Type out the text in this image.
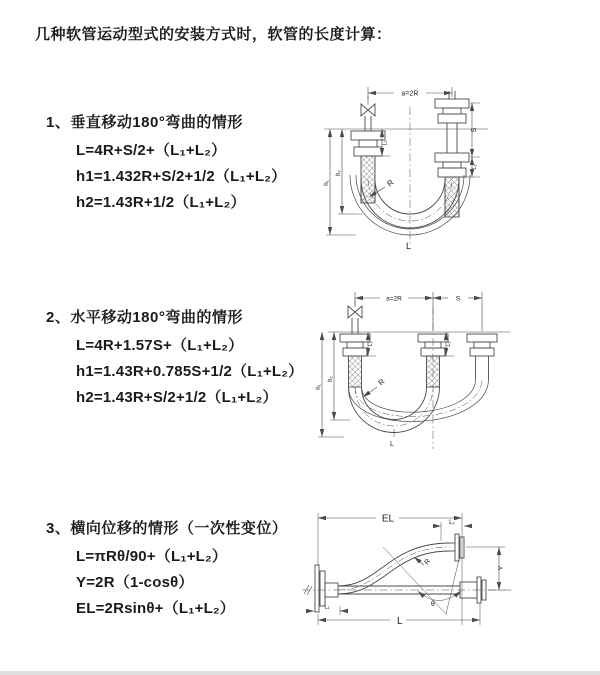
几种软管运动型式的安装方式时，软管的长度计算：
1、垂直移动180°弯曲的情形
L=4R+S/2+（L₁+L₂）
h1=1.432R+S/2+1/2（L₁+L₂）
h2=1.43R+1/2（L₁+L₂）
2、水平移动180°弯曲的情形
L=4R+1.57S+（L₁+L₂）
h1=1.43R+0.785S+1/2（L₁+L₂）
h2=1.43R+S/2+1/2（L₁+L₂）
3、横向位移的情形（一次性变位）
L=πRθ/90+（L₁+L₂）
Y=2R（1-cosθ）
EL=2Rsinθ+（L₁+L₂）
a=2R
S
L₂
L₁
h₁
h₂
R
L
a=2R	S
h₁
h₂
L₁	L₂
R
L
EL	L₂
Y
R
θ
L
L₁
